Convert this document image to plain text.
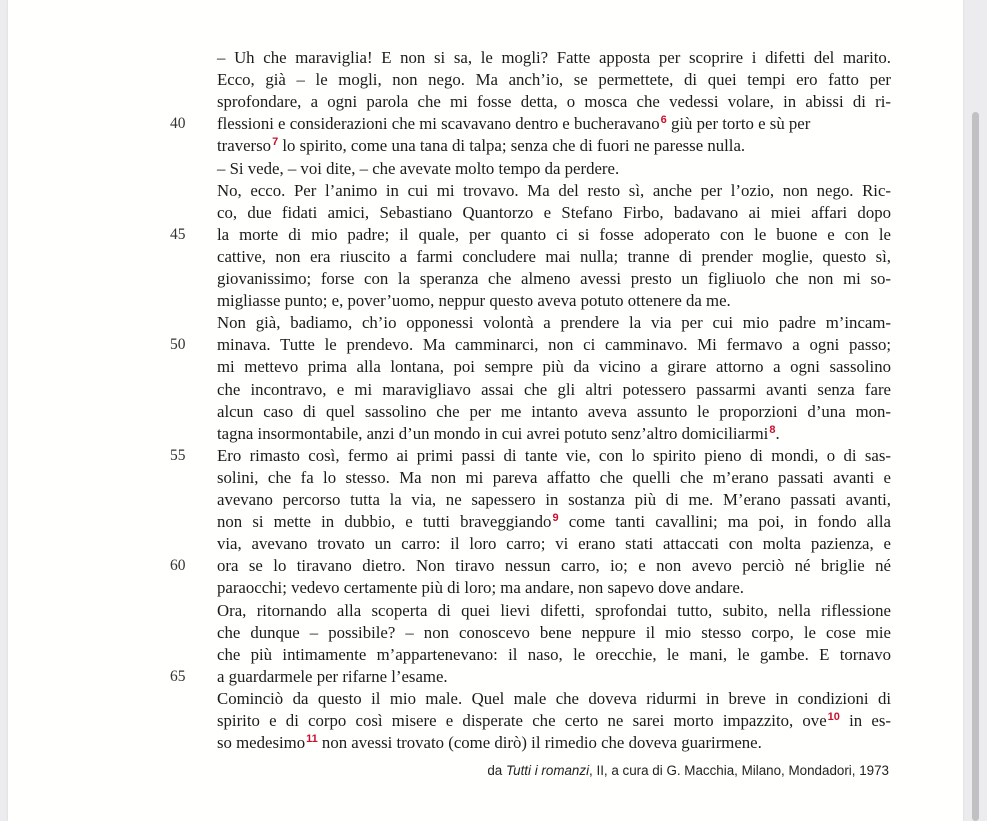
– Uh che maraviglia! E non si sa, le mogli? Fatte apposta per scoprire i difetti del marito.
Ecco, già – le mogli, non nego. Ma anch’io, se permettete, di quei tempi ero fatto per
sprofondare, a ogni parola che mi fosse detta, o mosca che vedessi volare, in abissi di ri-
flessioni e considerazioni che mi scavavano dentro e bucheravano$^6$ giù per torto e sù per
40
traverso$^7$ lo spirito, come una tana di talpa; senza che di fuori ne paresse nulla.
– Si vede, – voi dite, – che avevate molto tempo da perdere.
No, ecco. Per l’animo in cui mi trovavo. Ma del resto sì, anche per l’ozio, non nego. Ric-
co, due fidati amici, Sebastiano Quantorzo e Stefano Firbo, badavano ai miei affari dopo
la morte di mio padre; il quale, per quanto ci si fosse adoperato con le buone e con le
45
cattive, non era riuscito a farmi concludere mai nulla; tranne di prender moglie, questo sì,
giovanissimo; forse con la speranza che almeno avessi presto un figliuolo che non mi so-
migliasse punto; e, pover’uomo, neppur questo aveva potuto ottenere da me.
Non già, badiamo, ch’io opponessi volontà a prendere la via per cui mio padre m’incam-
minava. Tutte le prendevo. Ma camminarci, non ci camminavo. Mi fermavo a ogni passo;
50
mi mettevo prima alla lontana, poi sempre più da vicino a girare attorno a ogni sassolino
che incontravo, e mi maravigliavo assai che gli altri potessero passarmi avanti senza fare
alcun caso di quel sassolino che per me intanto aveva assunto le proporzioni d’una mon-
tagna insormontabile, anzi d’un mondo in cui avrei potuto senz’altro domiciliarmi$^8$.
Ero rimasto così, fermo ai primi passi di tante vie, con lo spirito pieno di mondi, o di sas-
55
solini, che fa lo stesso. Ma non mi pareva affatto che quelli che m’erano passati avanti e
avevano percorso tutta la via, ne sapessero in sostanza più di me. M’erano passati avanti,
non si mette in dubbio, e tutti braveggiando$^9$ come tanti cavallini; ma poi, in fondo alla
via, avevano trovato un carro: il loro carro; vi erano stati attaccati con molta pazienza, e
ora se lo tiravano dietro. Non tiravo nessun carro, io; e non avevo perciò né briglie né
60
paraocchi; vedevo certamente più di loro; ma andare, non sapevo dove andare.
Ora, ritornando alla scoperta di quei lievi difetti, sprofondai tutto, subito, nella riflessione
che dunque – possibile? – non conoscevo bene neppure il mio stesso corpo, le cose mie
che più intimamente m’appartenevano: il naso, le orecchie, le mani, le gambe. E tornavo
a guardarmele per rifarne l’esame.
65
Cominciò da questo il mio male. Quel male che doveva ridurmi in breve in condizioni di
spirito e di corpo così misere e disperate che certo ne sarei morto impazzito, ove$^{10}$ in es-
so medesimo$^{11}$ non avessi trovato (come dirò) il rimedio che doveva guarirmene.
da Tutti i romanzi, II, a cura di G. Macchia, Milano, Mondadori, 1973
